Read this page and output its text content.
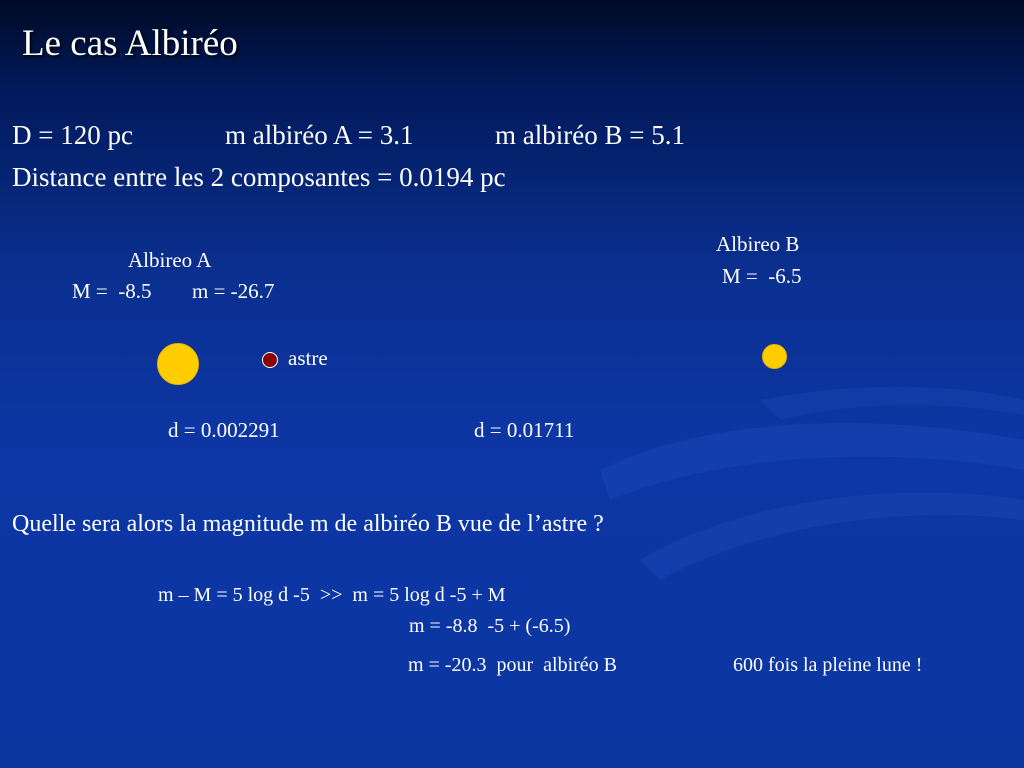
Le cas Albiréo
D = 120 pc	m albiréo A = 3.1	m albiréo B = 5.1
Distance entre les 2 composantes = 0.0194 pc
Albireo A
M =  -8.5 m = -26.7
Albireo B
M =  -6.5
astre
d = 0.002291	d = 0.01711
Quelle sera alors la magnitude m de albiréo B vue de l’astre ?
m – M = 5 log d -5  >>  m = 5 log d -5 + M
m = -8.8  -5 + (-6.5)
m = -20.3  pour  albiréo B	600 fois la pleine lune !
